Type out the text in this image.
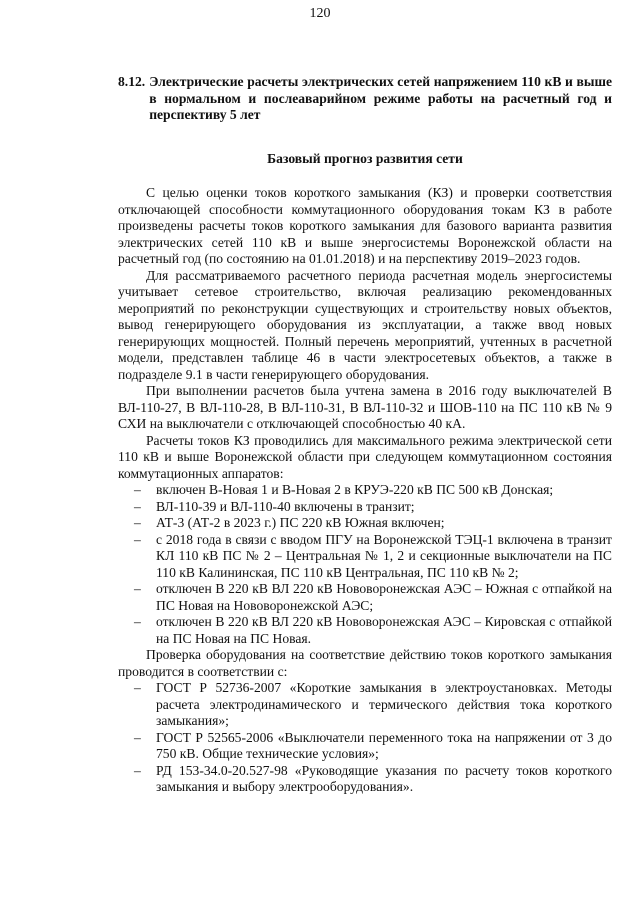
120
8.12. Электрические расчеты электрических сетей напряжением 110 кВ и выше в нормальном и послеаварийном режиме работы на расчетный год и перспективу 5 лет
Базовый прогноз развития сети

С целью оценки токов короткого замыкания (КЗ) и проверки соответствия отключающей способности коммутационного оборудования токам КЗ в работе произведены расчеты токов короткого замыкания для базового варианта развития электрических сетей 110 кВ и выше энергосистемы Воронежской области на расчетный год (по состоянию на 01.01.2018) и на перспективу 2019–2023 годов.

Для рассматриваемого расчетного периода расчетная модель энергосистемы учитывает сетевое строительство, включая реализацию рекомендованных мероприятий по реконструкции существующих и строительству новых объектов, вывод генерирующего оборудования из эксплуатации, а также ввод новых генерирующих мощностей. Полный перечень мероприятий, учтенных в расчетной модели, представлен таблице 46 в части электросетевых объектов, а также в подразделе 9.1 в части генерирующего оборудования.

При выполнении расчетов была учтена замена в 2016 году выключателей В ВЛ-110-27, В ВЛ-110-28, В ВЛ-110-31, В ВЛ-110-32 и ШОВ-110 на ПС 110 кВ № 9 СХИ на выключатели с отключающей способностью 40 кА.

Расчеты токов КЗ проводились для максимального режима электрической сети 110 кВ и выше Воронежской области при следующем коммутационном состояния коммутационных аппаратов:

– включен В-Новая 1 и В-Новая 2 в КРУЭ-220 кВ ПС 500 кВ Донская;
– ВЛ-110-39 и ВЛ-110-40 включены в транзит;
– АТ-3 (АТ-2 в 2023 г.) ПС 220 кВ Южная включен;
– с 2018 года в связи с вводом ПГУ на Воронежской ТЭЦ-1 включена в транзит КЛ 110 кВ ПС № 2 – Центральная № 1, 2 и секционные выключатели на ПС 110 кВ Калининская, ПС 110 кВ Центральная, ПС 110 кВ № 2;
– отключен В 220 кВ ВЛ 220 кВ Нововоронежская АЭС – Южная с отпайкой на ПС Новая на Нововоронежской АЭС;
– отключен В 220 кВ ВЛ 220 кВ Нововоронежская АЭС – Кировская с отпайкой на ПС Новая на ПС Новая.

Проверка оборудования на соответствие действию токов короткого замыкания проводится в соответствии с:

– ГОСТ Р 52736-2007 «Короткие замыкания в электроустановках. Методы расчета электродинамического и термического действия тока короткого замыкания»;
– ГОСТ Р 52565-2006 «Выключатели переменного тока на напряжении от 3 до 750 кВ. Общие технические условия»;
– РД 153-34.0-20.527-98 «Руководящие указания по расчету токов короткого замыкания и выбору электрооборудования».
